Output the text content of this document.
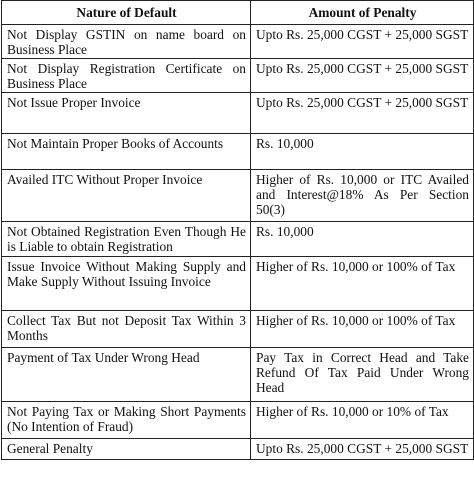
Nature of Default	Amount of Penalty
Not Display GSTIN on name board on Business Place	Upto Rs. 25,000 CGST + 25,000 SGST
Not Display Registration Certificate on Business Place	Upto Rs. 25,000 CGST + 25,000 SGST
Not Issue Proper Invoice	Upto Rs. 25,000 CGST + 25,000 SGST
Not Maintain Proper Books of Accounts	Rs. 10,000
Availed ITC Without Proper Invoice	Higher of Rs. 10,000 or ITC Availed and Interest@18% As Per Section 50(3)
Not Obtained Registration Even Though He is Liable to obtain Registration	Rs. 10,000
Issue Invoice Without Making Supply and Make Supply Without Issuing Invoice	Higher of Rs. 10,000 or 100% of Tax
Collect Tax But not Deposit Tax Within 3 Months	Higher of Rs. 10,000 or 100% of Tax
Payment of Tax Under Wrong Head	Pay Tax in Correct Head and Take Refund Of Tax Paid Under Wrong Head
Not Paying Tax or Making Short Payments (No Intention of Fraud)	Higher of Rs. 10,000 or 10% of Tax
General Penalty	Upto Rs. 25,000 CGST + 25,000 SGST
